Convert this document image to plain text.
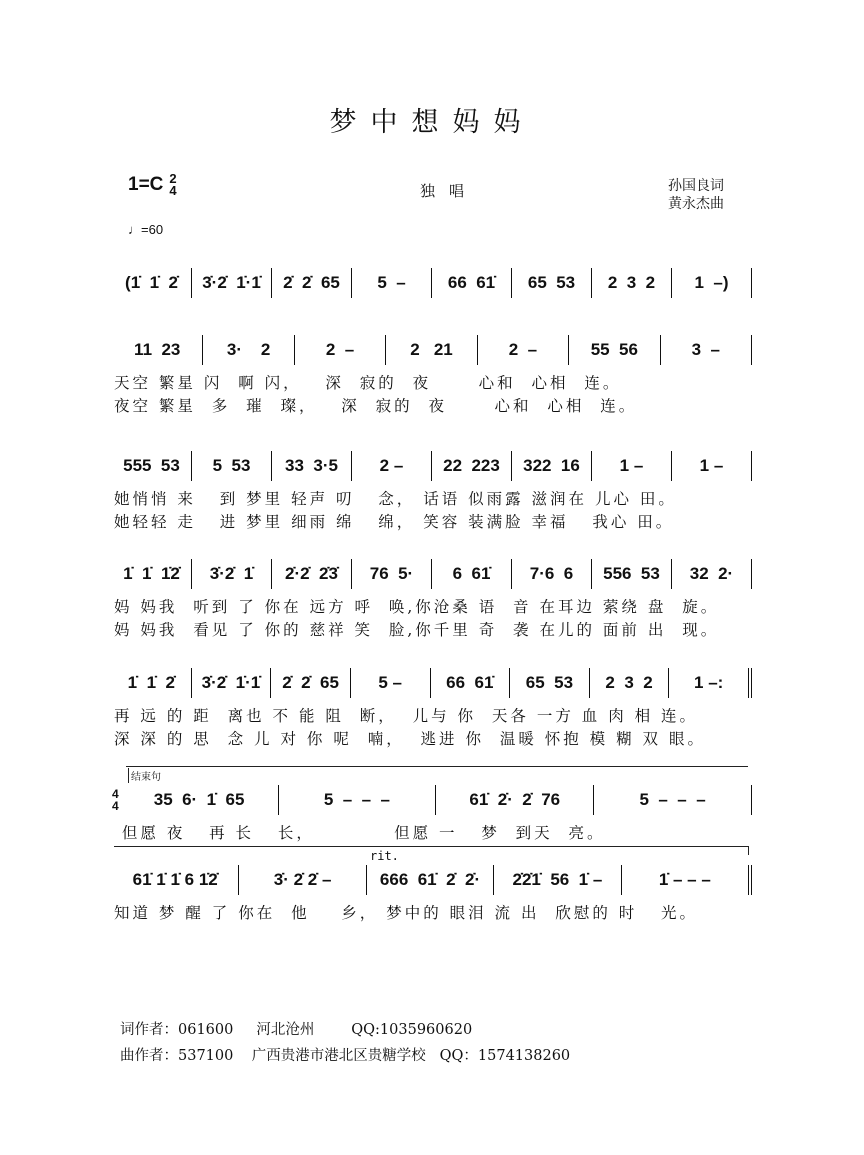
梦中想妈妈
1=C 2
4	独唱	孙国良词
黄永杰曲
♩=60
(1̇  1̇  2̇	3̇·2̇  1̇·1̇	2̇  2̇  65	5  –	66  61̇	65  53	2  3  2	1  –)
11  23	3·    2	2  –	2   21	2  –	55  56	3  –
天空 繁星 闪  啊 闪，   深  寂的  夜      心和  心相  连。
夜空 繁星  多  璀  璨，   深  寂的  夜      心和  心相  连。
555  53	5  53	33  3·5	2 –	22  223	322  16	1 –	1 –
她悄悄 来   到 梦里 轻声 叨   念， 话语 似雨露 滋润在 儿心 田。
她轻轻 走   进 梦里 细雨 绵   绵， 笑容 装满脸 幸福   我心 田。
1̇  1̇  1̇2̇	3̇·2̇  1̇	2̇·2̇  2̇3̇	76  5·	6  61̇	7·6  6	556  53	32  2·
妈 妈我  听到 了 你在 远方 呼  唤,你沧桑 语  音 在耳边 萦绕 盘  旋。
妈 妈我  看见 了 你的 慈祥 笑  脸,你千里 奇  袭 在儿的 面前 出  现。
1̇  1̇  2̇	3̇·2̇  1̇·1̇	2̇  2̇  65	5 –	66  61̇	65  53	2  3  2	1 –:
再 远 的 距  离也 不 能 阻  断，  儿与 你  天各 一方 血 肉 相 连。
深 深 的 思  念 儿 对 你 呢  喃，  逃进 你  温暖 怀抱 模 糊 双 眼。
结束句
4
4	35  6·  1̇  65	5  –  –  –	61̇  2̇·  2̇  76	5  –  –  –
但愿 夜   再 长   长，          但愿 一   梦  到天  亮。
rit.
61̇ 1̇ 1̇ 6 1̇2̇	3̇· 2̇ 2̇ –	666  61̇  2̇  2̇·	2̇2̇1̇  56  1̇ –	1̇ – – –
知道 梦 醒 了 你在  他    乡， 梦中的 眼泪 流 出  欣慰的 时   光。
词作者：061600     河北沧州        QQ:1035960620
曲作者：537100    广西贵港市港北区贵糖学校   QQ：1574138260
